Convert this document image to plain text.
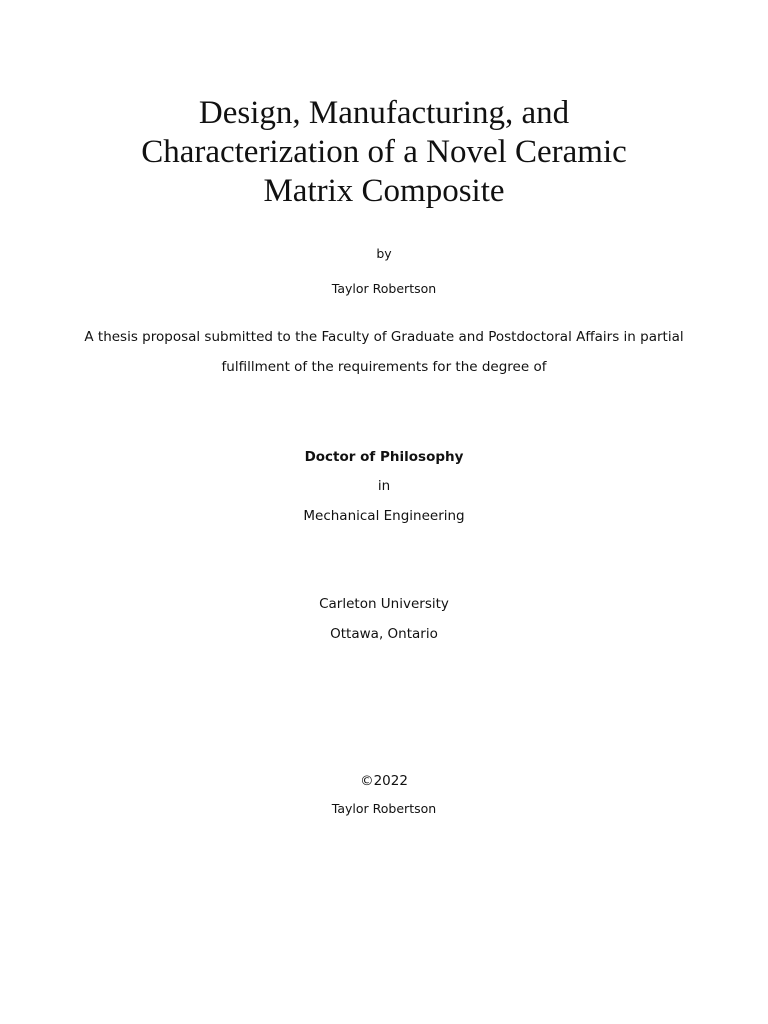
Design, Manufacturing, and
Characterization of a Novel Ceramic
Matrix Composite
by
Taylor Robertson
A thesis proposal submitted to the Faculty of Graduate and Postdoctoral Affairs in partial
fulfillment of the requirements for the degree of
Doctor of Philosophy
in
Mechanical Engineering
Carleton University
Ottawa, Ontario
©2022
Taylor Robertson
